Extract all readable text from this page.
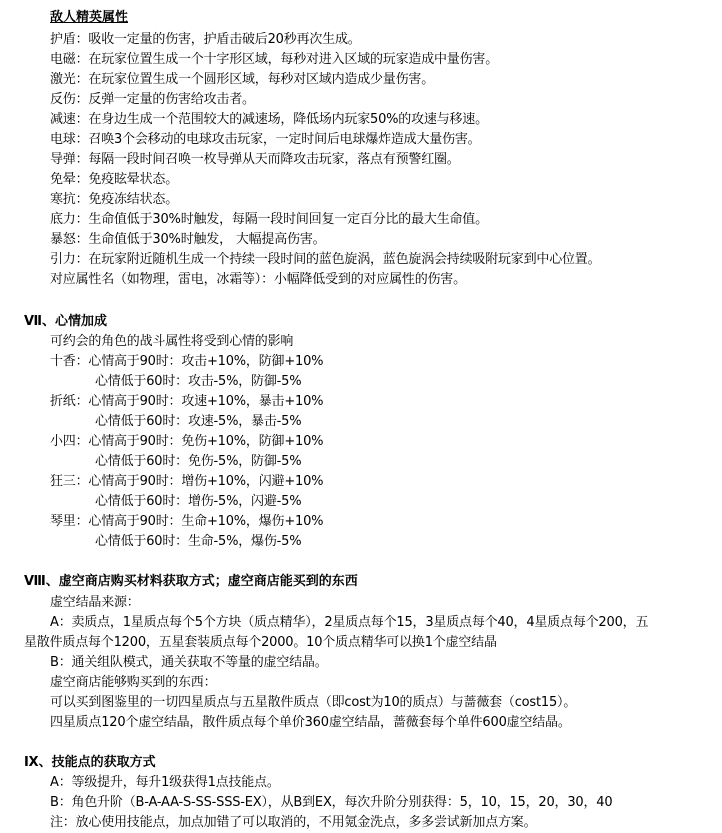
敌人精英属性
护盾：吸收一定量的伤害，护盾击破后20秒再次生成。
电磁：在玩家位置生成一个十字形区域，每秒对进入区域的玩家造成中量伤害。
激光：在玩家位置生成一个圆形区域，每秒对区域内造成少量伤害。
反伤：反弹一定量的伤害给攻击者。
减速：在身边生成一个范围较大的减速场，降低场内玩家50%的攻速与移速。
电球：召唤3个会移动的电球攻击玩家，一定时间后电球爆炸造成大量伤害。
导弹：每隔一段时间召唤一枚导弹从天而降攻击玩家，落点有预警红圈。
免晕：免疫眩晕状态。
寒抗：免疫冻结状态。
底力：生命值低于30%时触发，每隔一段时间回复一定百分比的最大生命值。
暴怒：生命值低于30%时触发， 大幅提高伤害。
引力：在玩家附近随机生成一个持续一段时间的蓝色旋涡，蓝色旋涡会持续吸附玩家到中心位置。
对应属性名（如物理，雷电，冰霜等）：小幅降低受到的对应属性的伤害。
Ⅶ、心情加成
可约会的角色的战斗属性将受到心情的影响
十香：心情高于90时：攻击+10%，防御+10%
心情低于60时：攻击-5%，防御-5%
折纸：心情高于90时：攻速+10%，暴击+10%
心情低于60时：攻速-5%，暴击-5%
小四：心情高于90时：免伤+10%，防御+10%
心情低于60时：免伤-5%，防御-5%
狂三：心情高于90时：增伤+10%，闪避+10%
心情低于60时：增伤-5%，闪避-5%
琴里：心情高于90时：生命+10%，爆伤+10%
心情低于60时：生命-5%，爆伤-5%
Ⅷ、虚空商店购买材料获取方式；虚空商店能买到的东西
虚空结晶来源：
A：卖质点，1星质点每个5个方块（质点精华），2星质点每个15，3星质点每个40，4星质点每个200，五
星散件质点每个1200，五星套装质点每个2000。10个质点精华可以换1个虚空结晶
B：通关组队模式，通关获取不等量的虚空结晶。
虚空商店能够购买到的东西：
可以买到图鉴里的一切四星质点与五星散件质点（即cost为10的质点）与蔷薇套（cost15）。
四星质点120个虚空结晶，散件质点每个单价360虚空结晶，蔷薇套每个单件600虚空结晶。
Ⅸ、技能点的获取方式
A：等级提升，每升1级获得1点技能点。
B：角色升阶（B-A-AA-S-SS-SSS-EX），从B到EX，每次升阶分别获得：5，10，15，20，30，40
注：放心使用技能点，加点加错了可以取消的，不用氪金洗点，多多尝试新加点方案。
